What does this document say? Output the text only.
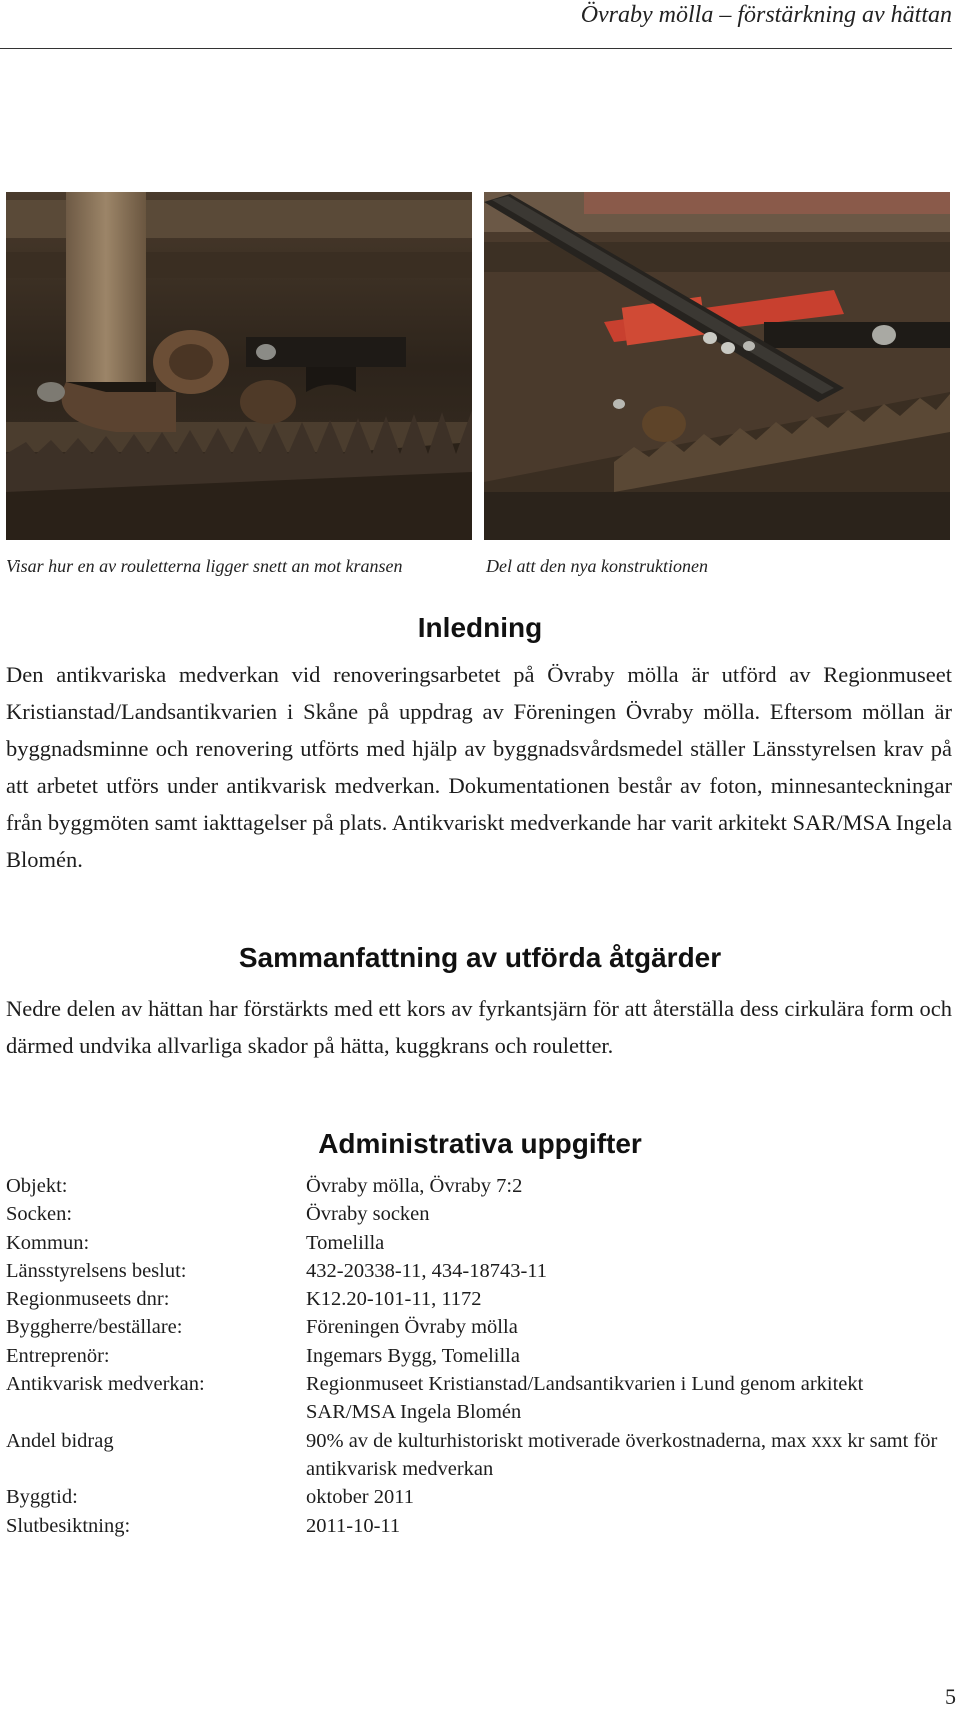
Övraby mölla – förstärkning av hättan
Visar hur en av rouletterna ligger snett an mot kransen	Del att den nya konstruktionen
Inledning
Den antikvariska medverkan vid renoveringsarbetet på Övraby mölla är utförd av Regionmuseet Kristianstad/Landsantikvarien i Skåne på uppdrag av Föreningen Övraby mölla. Eftersom möllan är byggnadsminne och renovering utförts med hjälp av byggnadsvårdsmedel ställer Länsstyrelsen krav på att arbetet utförs under antikvarisk medverkan. Dokumentationen består av foton, minnesanteckningar från byggmöten samt iakttagelser på plats. Antikvariskt medverkande har varit arkitekt SAR/MSA Ingela Blomén.
Sammanfattning av utförda åtgärder
Nedre delen av hättan har förstärkts med ett kors av fyrkantsjärn för att återställa dess cirkulära form och därmed undvika allvarliga skador på hätta, kuggkrans och rouletter.
Administrativa uppgifter
Objekt:	Övraby mölla, Övraby 7:2
Socken:	Övraby socken
Kommun:	Tomelilla
Länsstyrelsens beslut:	432-20338-11, 434-18743-11
Regionmuseets dnr:	K12.20-101-11, 1172
Byggherre/beställare:	Föreningen Övraby mölla
Entreprenör:	Ingemars Bygg, Tomelilla
Antikvarisk medverkan:	Regionmuseet Kristianstad/Landsantikvarien i Lund genom arkitekt SAR/MSA Ingela Blomén
Andel bidrag	90% av de kulturhistoriskt motiverade överkostnaderna, max xxx kr samt för antikvarisk medverkan
Byggtid:	oktober 2011
Slutbesiktning:	2011-10-11
5
